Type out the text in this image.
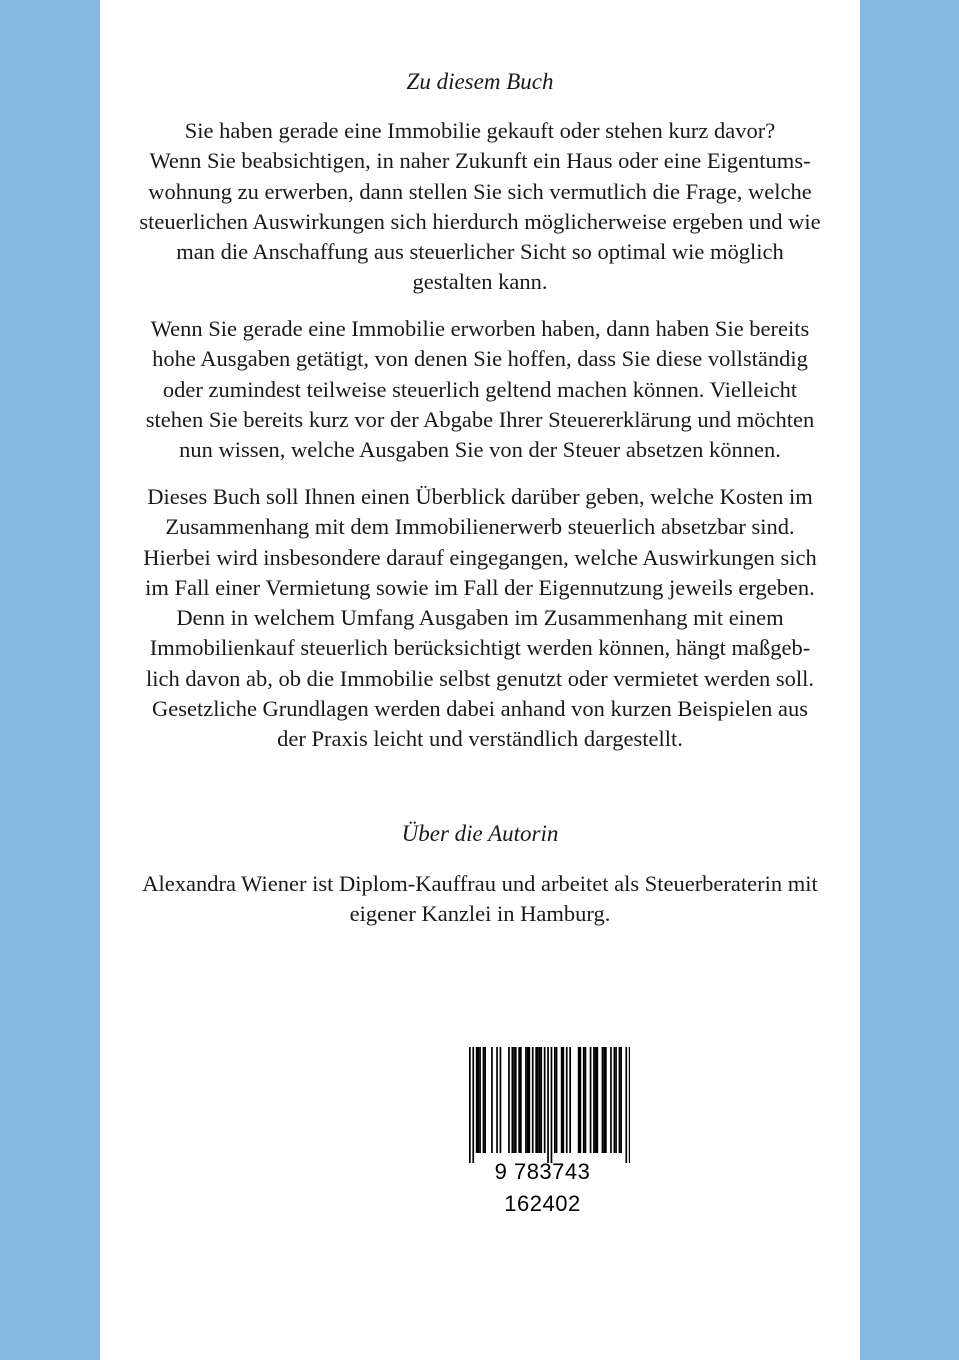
Zu diesem Buch
Sie haben gerade eine Immobilie gekauft oder stehen kurz davor?
Wenn Sie beabsichtigen, in naher Zukunft ein Haus oder eine Eigentums-
wohnung zu erwerben, dann stellen Sie sich vermutlich die Frage, welche
steuerlichen Auswirkungen sich hierdurch möglicherweise ergeben und wie
man die Anschaffung aus steuerlicher Sicht so optimal wie möglich
gestalten kann.
Wenn Sie gerade eine Immobilie erworben haben, dann haben Sie bereits
hohe Ausgaben getätigt, von denen Sie hoffen, dass Sie diese vollständig
oder zumindest teilweise steuerlich geltend machen können. Vielleicht
stehen Sie bereits kurz vor der Abgabe Ihrer Steuererklärung und möchten
nun wissen, welche Ausgaben Sie von der Steuer absetzen können.
Dieses Buch soll Ihnen einen Überblick darüber geben, welche Kosten im
Zusammenhang mit dem Immobilienerwerb steuerlich absetzbar sind.
Hierbei wird insbesondere darauf eingegangen, welche Auswirkungen sich
im Fall einer Vermietung sowie im Fall der Eigennutzung jeweils ergeben.
Denn in welchem Umfang Ausgaben im Zusammenhang mit einem
Immobilienkauf steuerlich berücksichtigt werden können, hängt maßgeb-
lich davon ab, ob die Immobilie selbst genutzt oder vermietet werden soll.
Gesetzliche Grundlagen werden dabei anhand von kurzen Beispielen aus
der Praxis leicht und verständlich dargestellt.
Über die Autorin
Alexandra Wiener ist Diplom-Kauffrau und arbeitet als Steuerberaterin mit
eigener Kanzlei in Hamburg.
9 783743 162402
